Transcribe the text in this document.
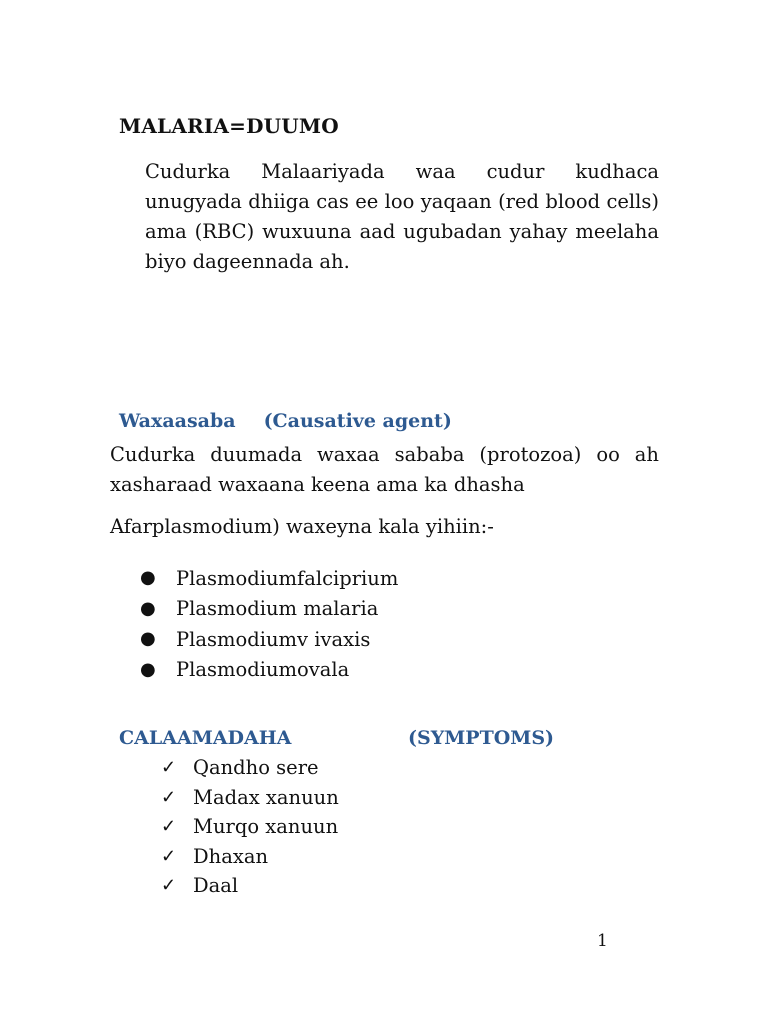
MALARIA=DUUMO

Cudurka Malaariyada waa cudur kudhaca unugyada dhiiga cas ee loo yaqaan (red blood cells) ama (RBC) wuxuuna aad ugubadan yahay meelaha biyo dageennada ah.

Waxaasaba (Causative agent)

Cudurka duumada waxaa sababa (protozoa) oo ah xasharaad waxaana keena ama ka dhasha

Afarplasmodium) waxeyna kala yihiin:-

●	Plasmodiumfalciprium
●	Plasmodium malaria
●	Plasmodiumv ivaxis
●	Plasmodiumovala

CALAAMADAHA	(SYMPTOMS)

✓ Qandho sere
✓ Madax xanuun
✓ Murqo xanuun
✓ Dhaxan
✓ Daal

1
